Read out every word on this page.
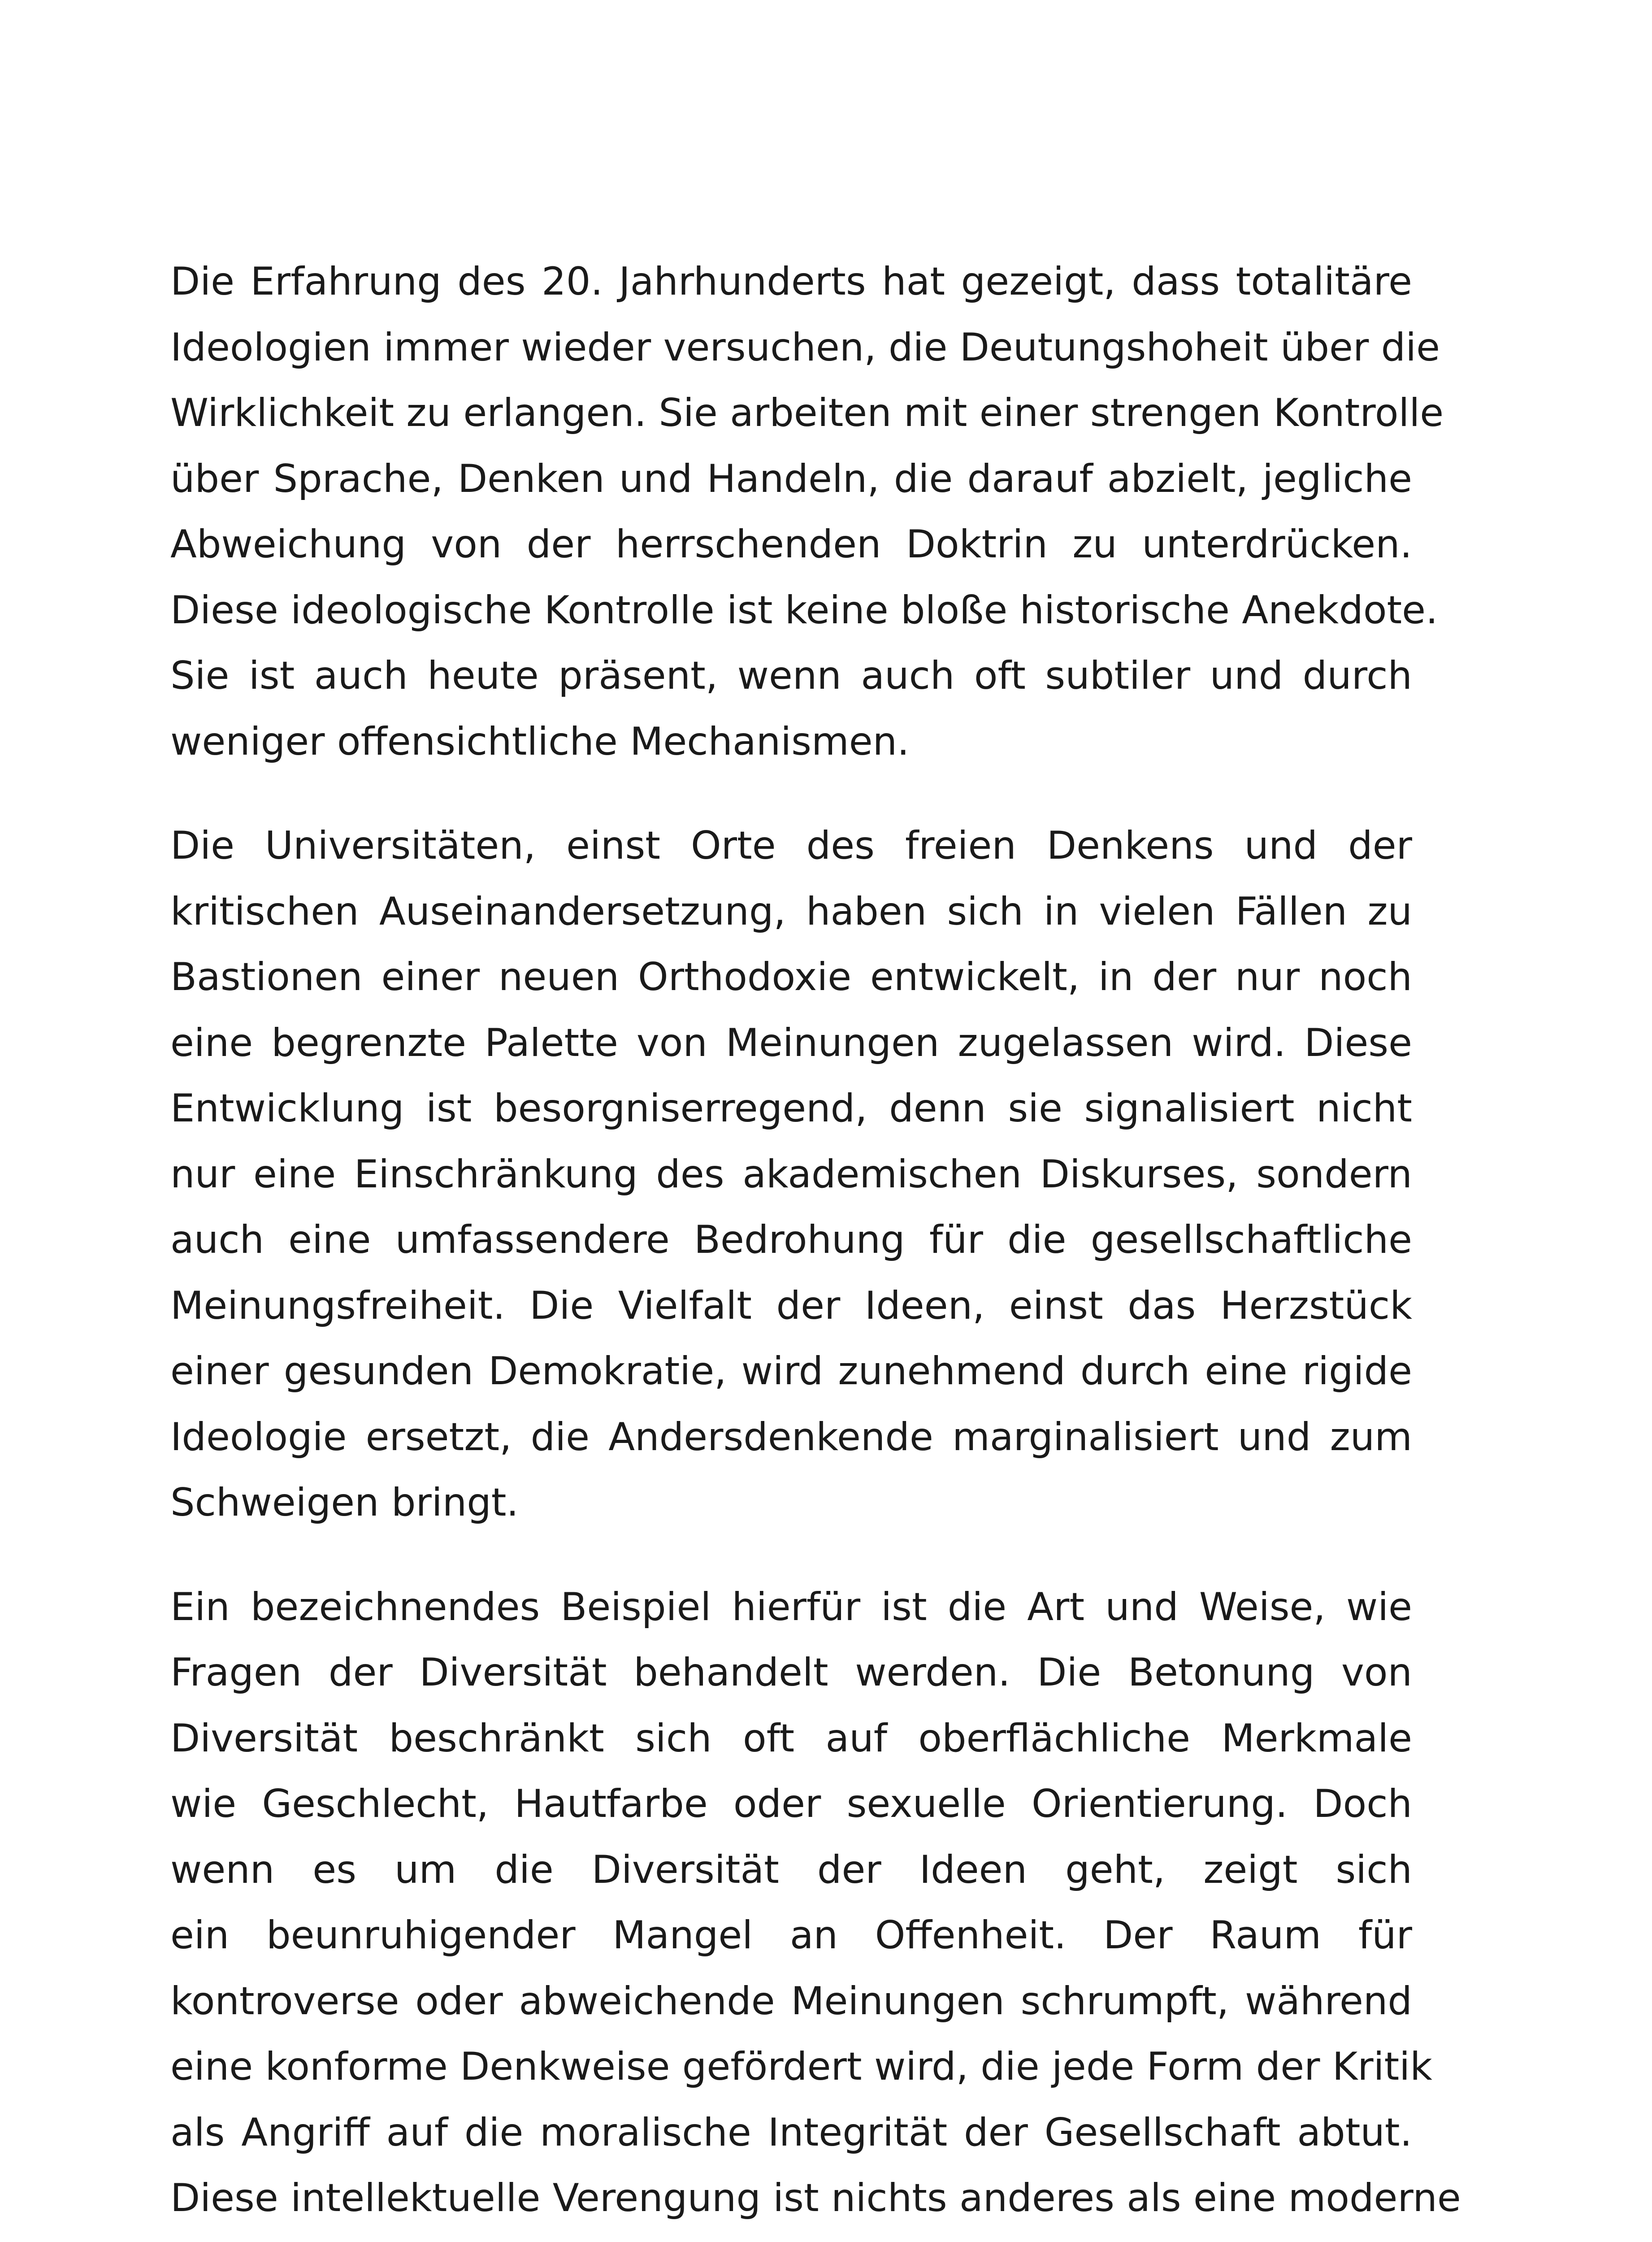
Die Erfahrung des 20. Jahrhunderts hat gezeigt, dass totalitäre
Ideologien immer wieder versuchen, die Deutungshoheit über die
Wirklichkeit zu erlangen. Sie arbeiten mit einer strengen Kontrolle
über Sprache, Denken und Handeln, die darauf abzielt, jegliche
Abweichung von der herrschenden Doktrin zu unterdrücken.
Diese ideologische Kontrolle ist keine bloße historische Anekdote.
Sie ist auch heute präsent, wenn auch oft subtiler und durch
weniger offensichtliche Mechanismen.

Die Universitäten, einst Orte des freien Denkens und der
kritischen Auseinandersetzung, haben sich in vielen Fällen zu
Bastionen einer neuen Orthodoxie entwickelt, in der nur noch
eine begrenzte Palette von Meinungen zugelassen wird. Diese
Entwicklung ist besorgniserregend, denn sie signalisiert nicht
nur eine Einschränkung des akademischen Diskurses, sondern
auch eine umfassendere Bedrohung für die gesellschaftliche
Meinungsfreiheit. Die Vielfalt der Ideen, einst das Herzstück
einer gesunden Demokratie, wird zunehmend durch eine rigide
Ideologie ersetzt, die Andersdenkende marginalisiert und zum
Schweigen bringt.

Ein bezeichnendes Beispiel hierfür ist die Art und Weise, wie
Fragen der Diversität behandelt werden. Die Betonung von
Diversität beschränkt sich oft auf oberflächliche Merkmale
wie Geschlecht, Hautfarbe oder sexuelle Orientierung. Doch
wenn es um die Diversität der Ideen geht, zeigt sich
ein beunruhigender Mangel an Offenheit. Der Raum für
kontroverse oder abweichende Meinungen schrumpft, während
eine konforme Denkweise gefördert wird, die jede Form der Kritik
als Angriff auf die moralische Integrität der Gesellschaft abtut.
Diese intellektuelle Verengung ist nichts anderes als eine moderne
